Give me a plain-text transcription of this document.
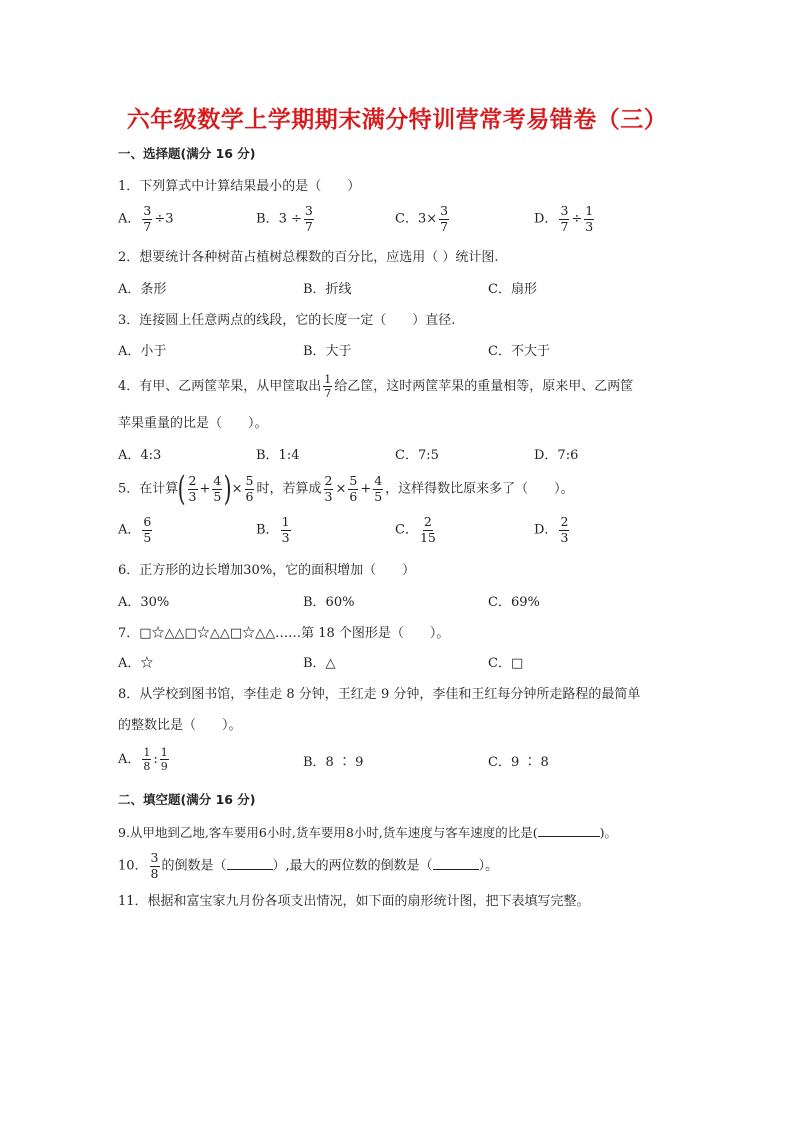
六年级数学上学期期末满分特训营常考易错卷（三）
一、选择题(满分 16 分)
1．下列算式中计算结果最小的是（　　）
A． $\frac{3}{7} \div 3$	B．$3 \div \frac{3}{7}$	C．$3\times \frac{3}{7}$	D． $\frac{3}{7} \div \frac{1}{3}$
2．想要统计各种树苗占植树总棵数的百分比，应选用（ ）统计图.
A．条形	B．折线	C．扇形
3．连接圆上任意两点的线段，它的长度一定（　　）直径.
A．小于	B．大于	C．不大于
4．有甲、乙两筐苹果，从甲筐取出 $\frac{1}{7}$ 给乙筐，这时两筐苹果的重量相等，原来甲、乙两筐
苹果重量的比是（　　）。
A．4:3	B．1:4	C．7:5	D．7:6
5．在计算( $\frac{2}{3} + \frac{4}{5}$ )× $\frac{5}{6}$ 时，若算成 $\frac{2}{3} \times \frac{5}{6} + \frac{4}{5}$ ，这样得数比原来多了（　　）。
A． $\frac{6}{5}$	B． $\frac{1}{3}$	C． $\frac{2}{15}$	D． $\frac{2}{3}$
6．正方形的边长增加30%，它的面积增加（　　）
A．30%	B．60%	C．69%
7．□☆△△□☆△△□☆△△……第 18 个图形是（　　）。
A．☆	B．△	C．□
8．从学校到图书馆，李佳走 8 分钟，王红走 9 分钟，李佳和王红每分钟所走路程的最简单
的整数比是（　　）。
A． $\frac{1}{8}$ : $\frac{1}{9}$	B．8 ∶ 9	C．9 ∶ 8
二、填空题(满分 16 分)
9.从甲地到乙地,客车要用6小时,货车要用8小时,货车速度与客车速度的比是(	)。
10． $\frac{3}{8}$ 的倒数是（	）,最大的两位数的倒数是（	）。
11．根据和富宝家九月份各项支出情况，如下面的扇形统计图，把下表填写完整。
